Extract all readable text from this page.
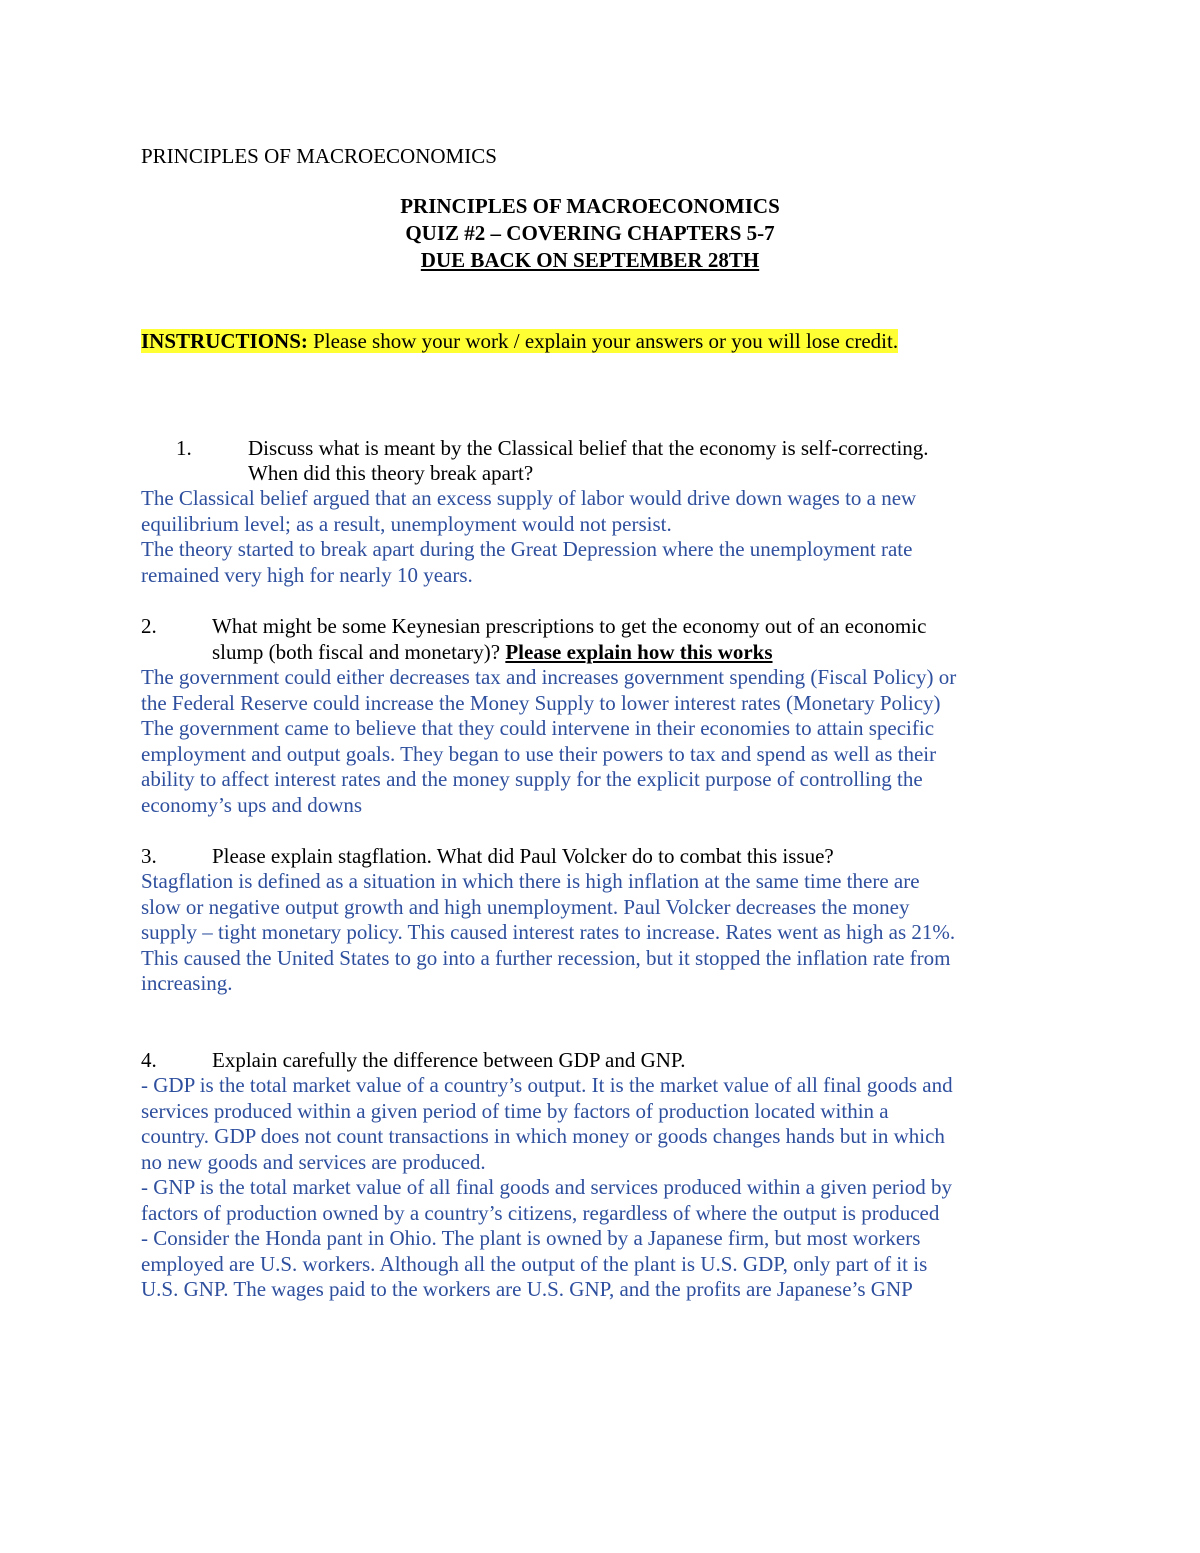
PRINCIPLES OF MACROECONOMICS
PRINCIPLES OF MACROECONOMICS
QUIZ #2 – COVERING CHAPTERS 5-7
DUE BACK ON SEPTEMBER 28TH
INSTRUCTIONS: Please show your work / explain your answers or you will lose credit.
1.	Discuss what is meant by the Classical belief that the economy is self-correcting.
When did this theory break apart?
The Classical belief argued that an excess supply of labor would drive down wages to a new
equilibrium level; as a result, unemployment would not persist.
The theory started to break apart during the Great Depression where the unemployment rate
remained very high for nearly 10 years.
2.	What might be some Keynesian prescriptions to get the economy out of an economic
slump (both fiscal and monetary)? Please explain how this works
The government could either decreases tax and increases government spending (Fiscal Policy) or
the Federal Reserve could increase the Money Supply to lower interest rates (Monetary Policy)
The government came to believe that they could intervene in their economies to attain specific
employment and output goals. They began to use their powers to tax and spend as well as their
ability to affect interest rates and the money supply for the explicit purpose of controlling the
economy’s ups and downs
3.	Please explain stagflation. What did Paul Volcker do to combat this issue?
Stagflation is defined as a situation in which there is high inflation at the same time there are
slow or negative output growth and high unemployment. Paul Volcker decreases the money
supply – tight monetary policy. This caused interest rates to increase. Rates went as high as 21%.
This caused the United States to go into a further recession, but it stopped the inflation rate from
increasing.
4.	Explain carefully the difference between GDP and GNP.
- GDP is the total market value of a country’s output. It is the market value of all final goods and
services produced within a given period of time by factors of production located within a
country. GDP does not count transactions in which money or goods changes hands but in which
no new goods and services are produced.
- GNP is the total market value of all final goods and services produced within a given period by
factors of production owned by a country’s citizens, regardless of where the output is produced
- Consider the Honda pant in Ohio. The plant is owned by a Japanese firm, but most workers
employed are U.S. workers. Although all the output of the plant is U.S. GDP, only part of it is
U.S. GNP. The wages paid to the workers are U.S. GNP, and the profits are Japanese’s GNP
